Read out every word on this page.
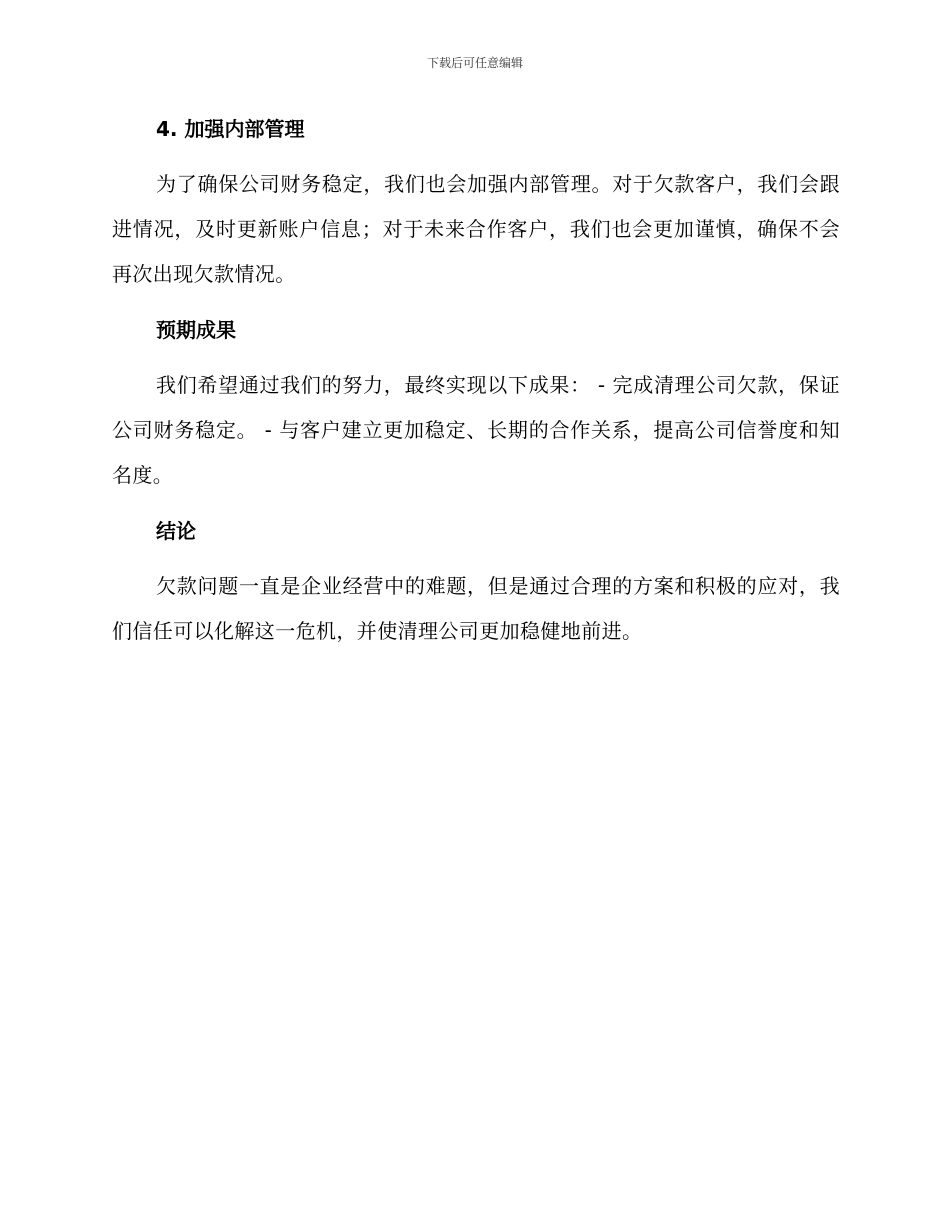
下载后可任意编辑
4. 加强内部管理

为了确保公司财务稳定，我们也会加强内部管理。对于欠款客户，我们会跟进情况，及时更新账户信息；对于未来合作客户，我们也会更加谨慎，确保不会再次出现欠款情况。

预期成果

我们希望通过我们的努力，最终实现以下成果： - 完成清理公司欠款，保证公司财务稳定。 - 与客户建立更加稳定、长期的合作关系，提高公司信誉度和知名度。

结论

欠款问题一直是企业经营中的难题，但是通过合理的方案和积极的应对，我们信任可以化解这一危机，并使清理公司更加稳健地前进。
